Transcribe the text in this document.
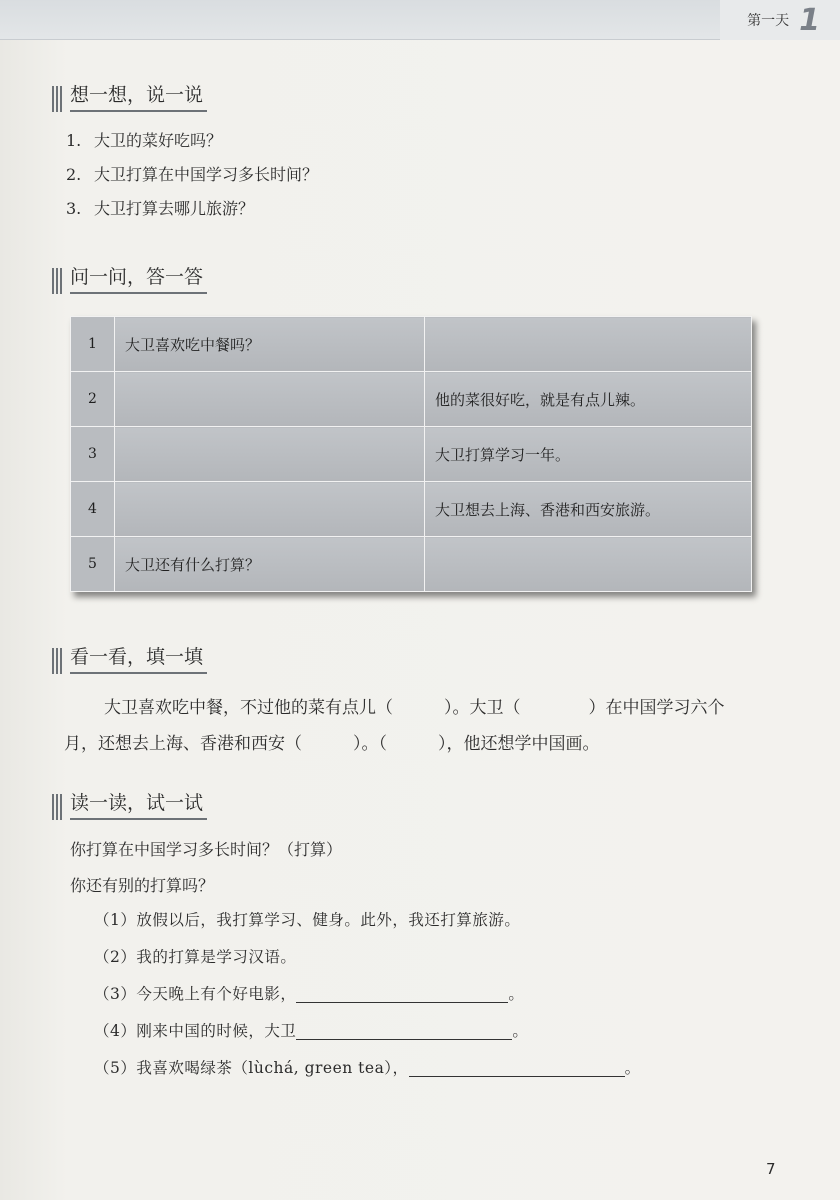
第一天 1
想一想，说一说
1. 大卫的菜好吃吗？
2. 大卫打算在中国学习多长时间？
3. 大卫打算去哪儿旅游？
问一问，答一答
1	大卫喜欢吃中餐吗？	
2		他的菜很好吃，就是有点儿辣。
3		大卫打算学习一年。
4		大卫想去上海、香港和西安旅游。
5	大卫还有什么打算？	
看一看，填一填
大卫喜欢吃中餐，不过他的菜有点儿（　　　）。大卫（　　　　）在中国学习六个
月，还想去上海、香港和西安（　　　）。（　　　），他还想学中国画。
读一读，试一试
你打算在中国学习多长时间？（打算）
你还有别的打算吗？
（1）放假以后，我打算学习、健身。此外，我还打算旅游。
（2）我的打算是学习汉语。
（3）今天晚上有个好电影，	。
（4）刚来中国的时候，大卫	。
（5）我喜欢喝绿茶（lùchá, green tea），	。
7
